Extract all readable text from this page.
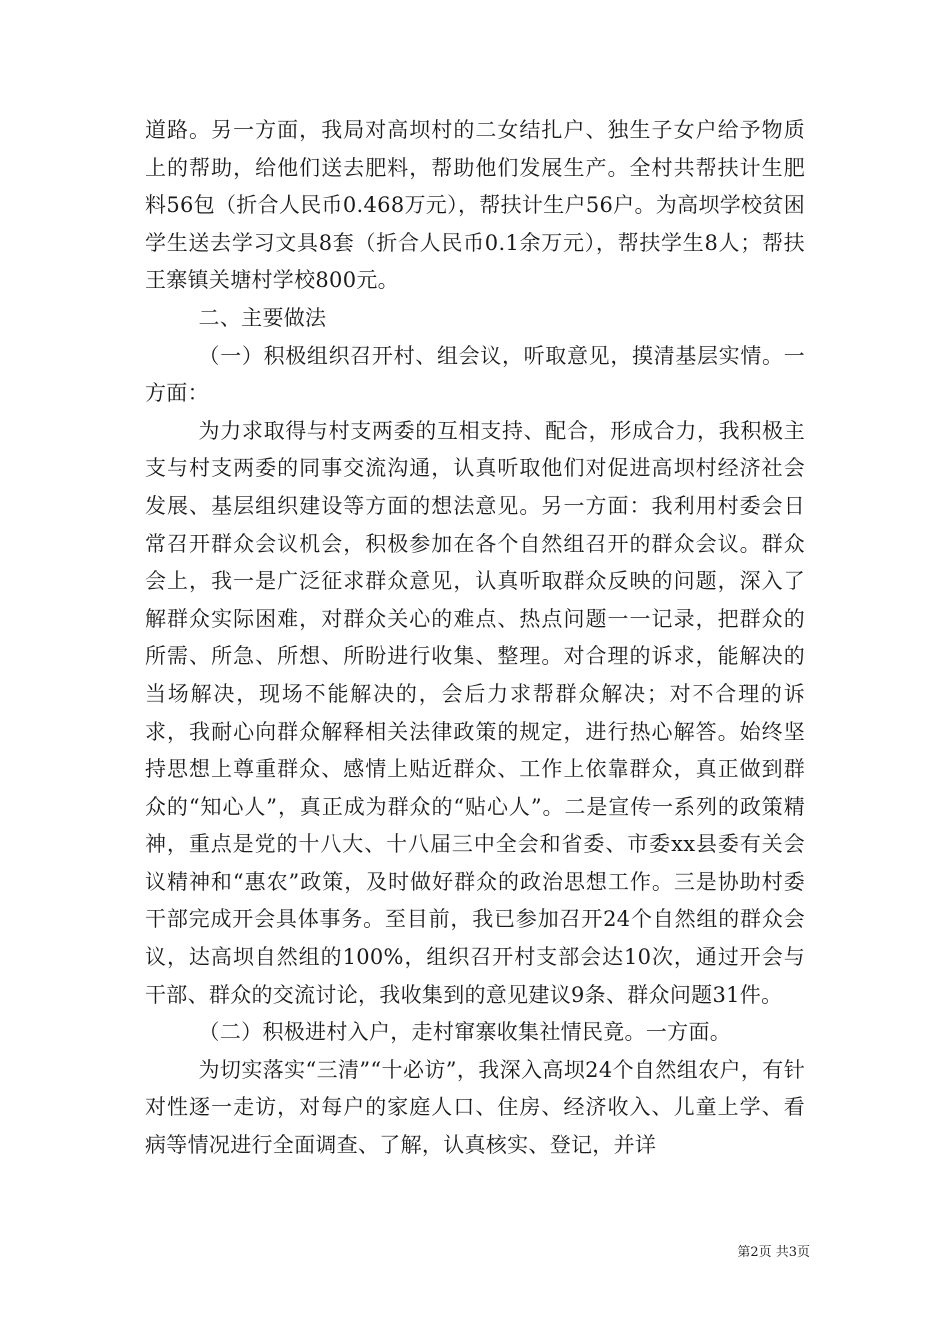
道路。另一方面，我局对高坝村的二女结扎户、独生子女户给予物质上的帮助，给他们送去肥料，帮助他们发展生产。全村共帮扶计生肥料56包（折合人民币0.468万元），帮扶计生户56户。为高坝学校贫困学生送去学习文具8套（折合人民币0.1余万元），帮扶学生8人；帮扶王寨镇关塘村学校800元。

二、主要做法

（一）积极组织召开村、组会议，听取意见，摸清基层实情。一方面：

为力求取得与村支两委的互相支持、配合，形成合力，我积极主支与村支两委的同事交流沟通，认真听取他们对促进高坝村经济社会发展、基层组织建设等方面的想法意见。另一方面：我利用村委会日常召开群众会议机会，积极参加在各个自然组召开的群众会议。群众会上，我一是广泛征求群众意见，认真听取群众反映的问题，深入了解群众实际困难，对群众关心的难点、热点问题一一记录，把群众的所需、所急、所想、所盼进行收集、整理。对合理的诉求，能解决的当场解决，现场不能解决的，会后力求帮群众解决；对不合理的诉求，我耐心向群众解释相关法律政策的规定，进行热心解答。始终坚持思想上尊重群众、感情上贴近群众、工作上依靠群众，真正做到群众的“知心人”，真正成为群众的“贴心人”。二是宣传一系列的政策精神，重点是党的十八大、十八届三中全会和省委、市委xx县委有关会议精神和“惠农”政策，及时做好群众的政治思想工作。三是协助村委干部完成开会具体事务。至目前，我已参加召开24个自然组的群众会议，达高坝自然组的100%，组织召开村支部会达10次，通过开会与干部、群众的交流讨论，我收集到的意见建议9条、群众问题31件。

（二）积极进村入户，走村窜寨收集社情民竟。一方面。

为切实落实“三清”“十必访”，我深入高坝24个自然组农户，有针对性逐一走访，对每户的家庭人口、住房、经济收入、儿童上学、看病等情况进行全面调查、了解，认真核实、登记，并详

第2页 共3页
